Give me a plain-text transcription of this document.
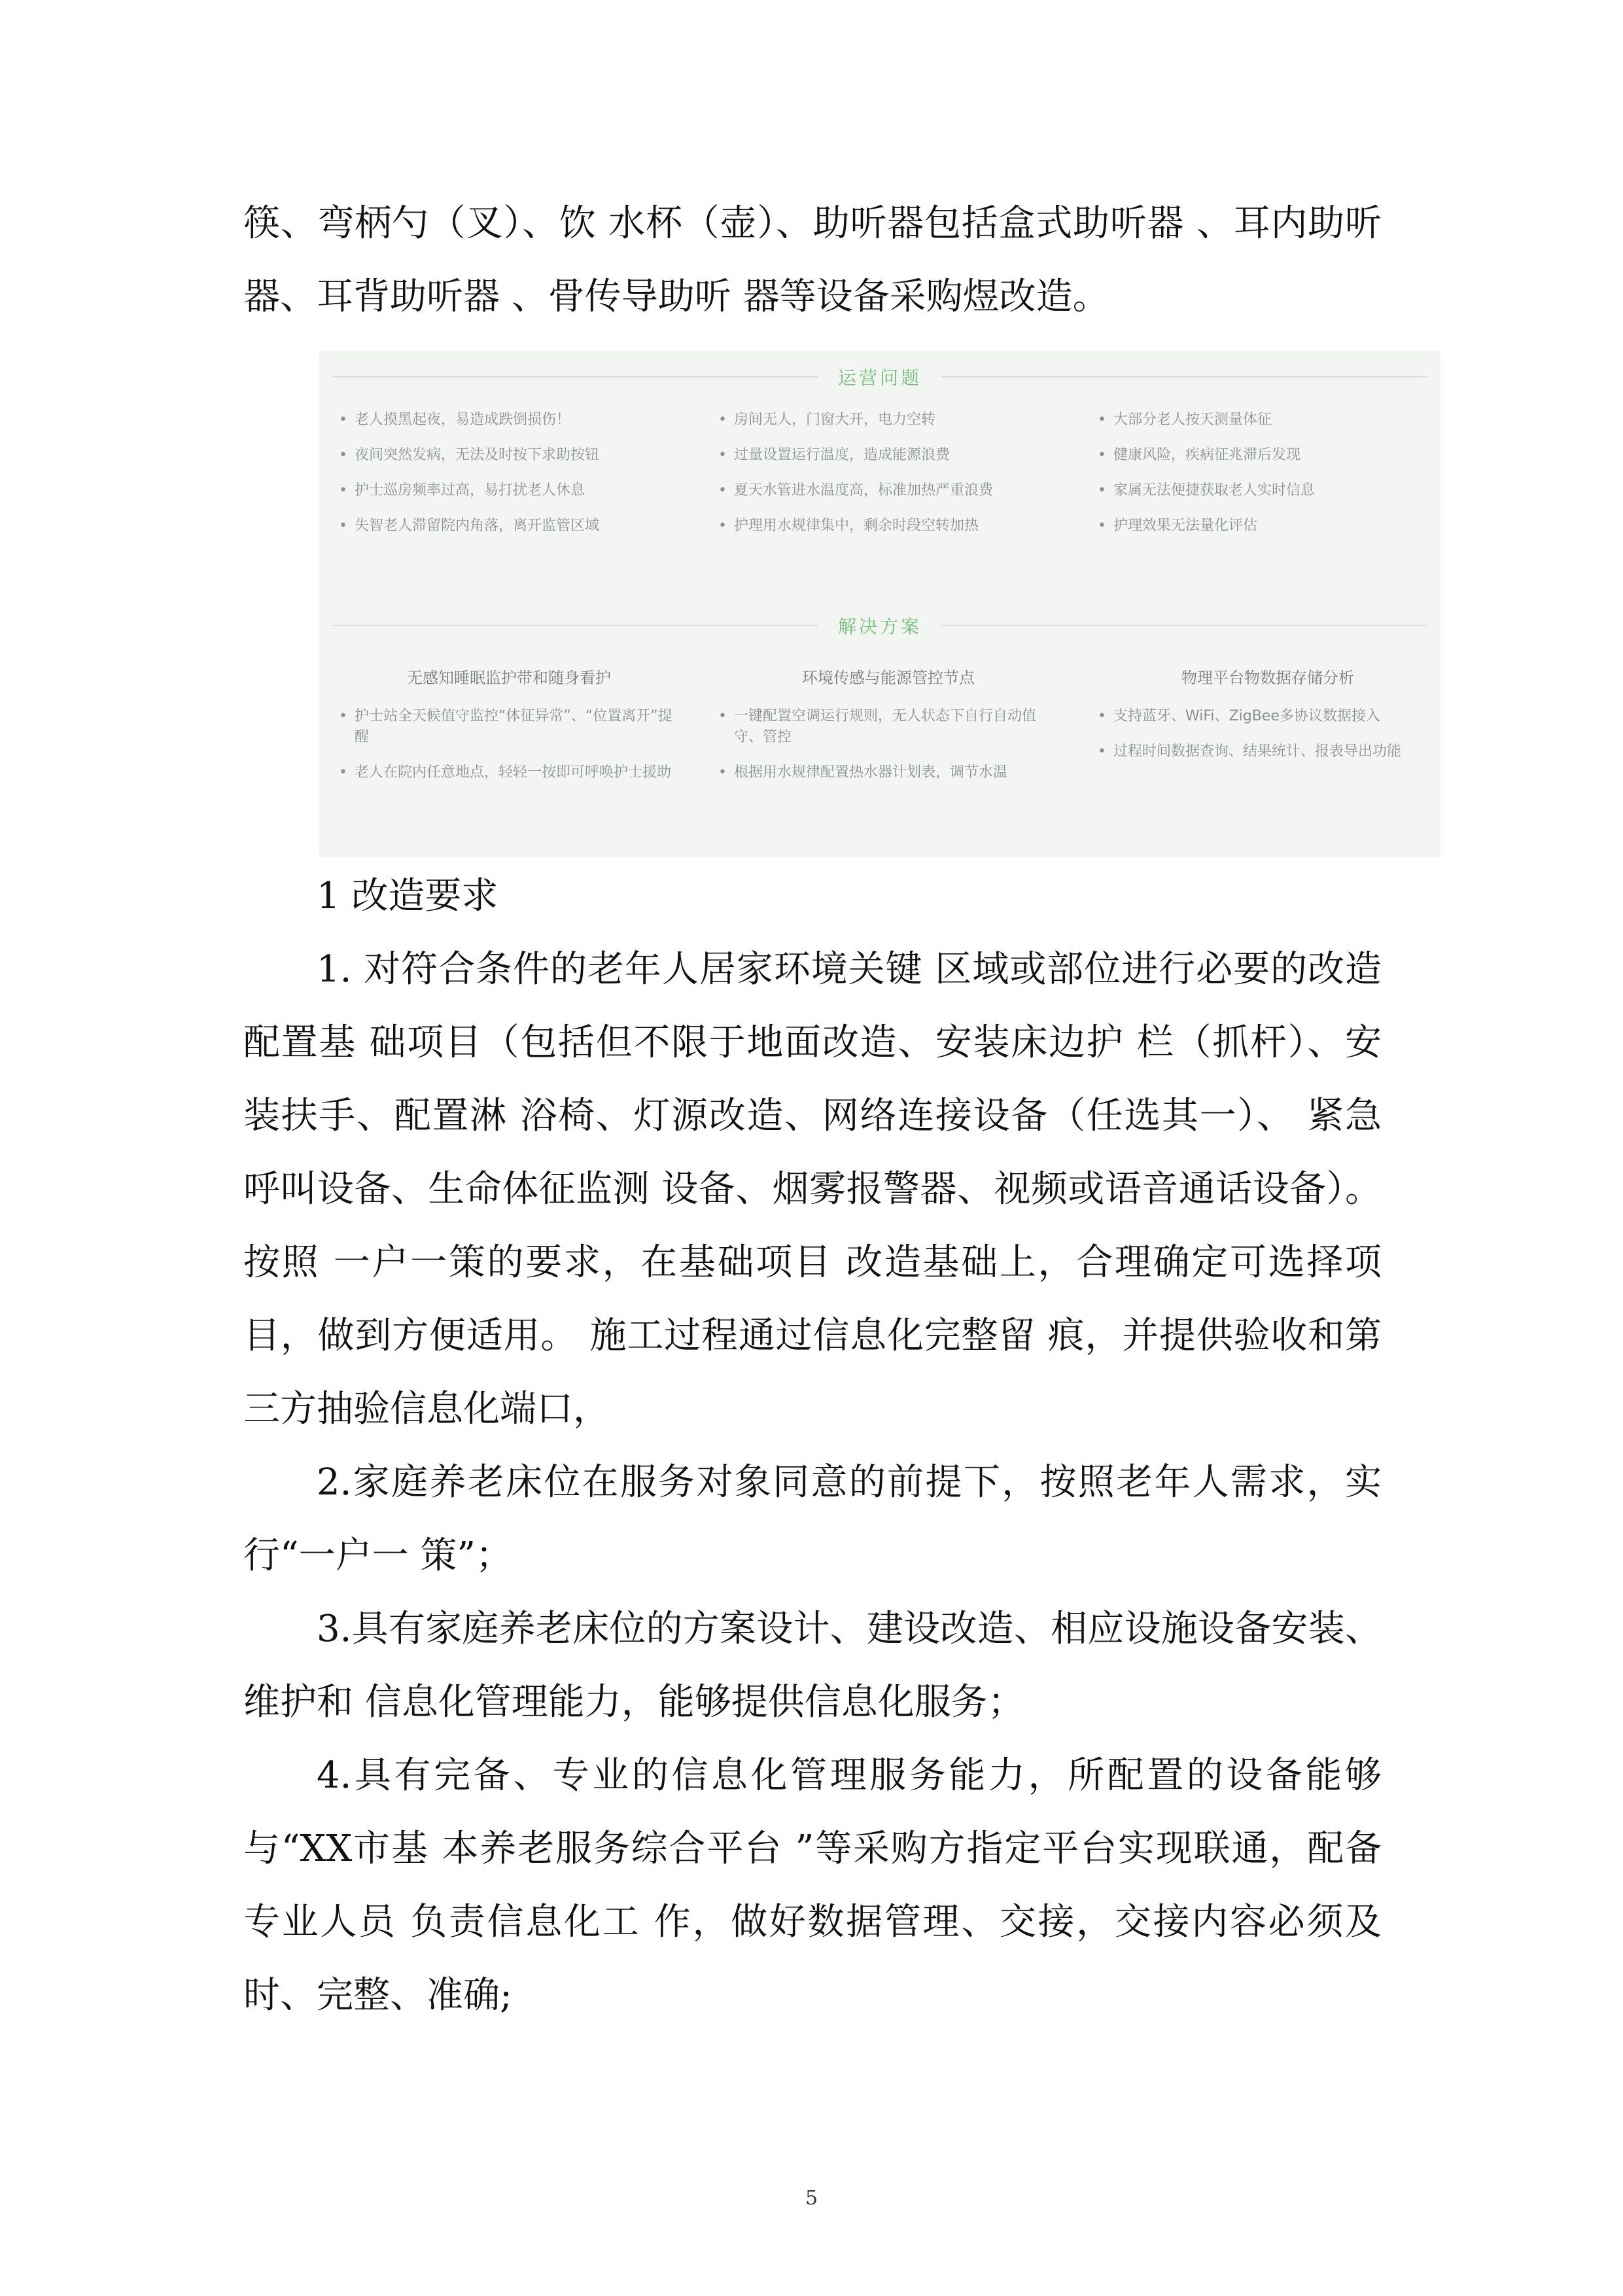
筷、弯柄勺（叉）、饮 水杯（壶）、助听器包括盒式助听器 、耳内助听器、耳背助听器 、骨传导助听 器等设备采购煜改造。

运营问题
• 老人摸黑起夜，易造成跌倒损伤！
• 夜间突然发病，无法及时按下求助按钮
• 护士巡房频率过高，易打扰老人休息
• 失智老人滞留院内角落，离开监管区域
• 房间无人，门窗大开，电力空转
• 过量设置运行温度，造成能源浪费
• 夏天水管进水温度高，标准加热严重浪费
• 护理用水规律集中，剩余时段空转加热
• 大部分老人按天测量体征
• 健康风险，疾病征兆滞后发现
• 家属无法便捷获取老人实时信息
• 护理效果无法量化评估
解决方案
无感知睡眠监护带和随身看护
• 护士站全天候值守监控“体征异常”、“位置离开”提醒
• 老人在院内任意地点，轻轻一按即可呼唤护士援助
环境传感与能源管控节点
• 一键配置空调运行规则，无人状态下自行自动值守、管控
• 根据用水规律配置热水器计划表，调节水温
物理平台物数据存储分析
• 支持蓝牙、WiFi、ZigBee多协议数据接入
• 过程时间数据查询、结果统计、报表导出功能

1 改造要求

1. 对符合条件的老年人居家环境关键 区域或部位进行必要的改造配置基 础项目（包括但不限于地面改造、安装床边护 栏（抓杆）、安装扶手、配置淋 浴椅、灯源改造、网络连接设备（任选其一）、 紧急呼叫设备、生命体征监测 设备、烟雾报警器、视频或语音通话设备）。按照 一户一策的要求，在基础项目 改造基础上，合理确定可选择项目，做到方便适用。 施工过程通过信息化完整留 痕，并提供验收和第三方抽验信息化端口，

2.家庭养老床位在服务对象同意的前提下，按照老年人需求，实行“一户一 策”；

3.具有家庭养老床位的方案设计、建设改造、相应设施设备安装、 维护和 信息化管理能力，能够提供信息化服务；

4.具有完备、专业的信息化管理服务能力，所配置的设备能够与“XX市基 本养老服务综合平台 ”等采购方指定平台实现联通，配备专业人员 负责信息化工 作，做好数据管理、交接，交接内容必须及时、完整、准确;

5
